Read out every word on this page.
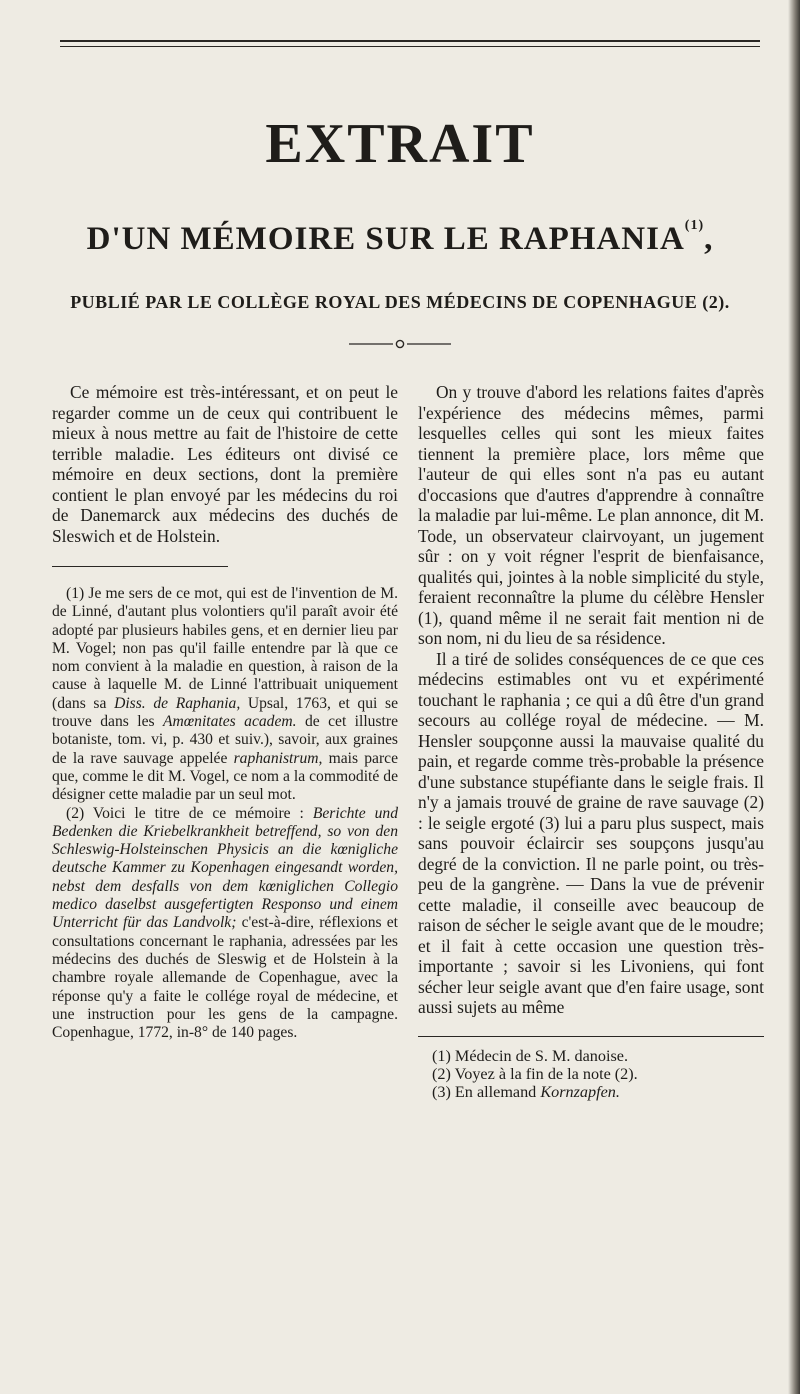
EXTRAIT
D'UN MÉMOIRE SUR LE RAPHANIA$^{(1)}$,
PUBLIÉ PAR LE COLLÈGE ROYAL DES MÉDECINS DE COPENHAGUE (2).

Ce mémoire est très-intéressant, et on peut le regarder comme un de ceux qui contribuent le mieux à nous mettre au fait de l'histoire de cette terrible maladie. Les éditeurs ont divisé ce mémoire en deux sections, dont la première contient le plan envoyé par les médecins du roi de Danemarck aux médecins des duchés de Sleswich et de Holstein.

(1) Je me sers de ce mot, qui est de l'invention de M. de Linné, d'autant plus volontiers qu'il paraît avoir été adopté par plusieurs habiles gens, et en dernier lieu par M. Vogel; non pas qu'il faille entendre par là que ce nom convient à la maladie en question, à raison de la cause à laquelle M. de Linné l'attribuait uniquement (dans sa Diss. de Raphania, Upsal, 1763, et qui se trouve dans les Amœnitates academ. de cet illustre botaniste, tom. vi, p. 430 et suiv.), savoir, aux graines de la rave sauvage appelée raphanistrum, mais parce que, comme le dit M. Vogel, ce nom a la commodité de désigner cette maladie par un seul mot.

(2) Voici le titre de ce mémoire : Berichte und Bedenken die Kriebelkrankheit betreffend, so von den Schleswig-Holsteinschen Physicis an die kœnigliche deutsche Kammer zu Kopenhagen eingesandt worden, nebst dem desfalls von dem kœniglichen Collegio medico daselbst ausgefertigten Responso und einem Unterricht für das Landvolk; c'est-à-dire, réflexions et consultations concernant le raphania, adressées par les médecins des duchés de Sleswig et de Holstein à la chambre royale allemande de Copenhague, avec la réponse qu'y a faite le collége royal de médecine, et une instruction pour les gens de la campagne. Copenhague, 1772, in-8° de 140 pages.

On y trouve d'abord les relations faites d'après l'expérience des médecins mêmes, parmi lesquelles celles qui sont les mieux faites tiennent la première place, lors même que l'auteur de qui elles sont n'a pas eu autant d'occasions que d'autres d'apprendre à connaître la maladie par lui-même. Le plan annonce, dit M. Tode, un observateur clairvoyant, un jugement sûr : on y voit régner l'esprit de bienfaisance, qualités qui, jointes à la noble simplicité du style, feraient reconnaître la plume du célèbre Hensler (1), quand même il ne serait fait mention ni de son nom, ni du lieu de sa résidence.

Il a tiré de solides conséquences de ce que ces médecins estimables ont vu et expérimenté touchant le raphania ; ce qui a dû être d'un grand secours au collége royal de médecine. — M. Hensler soupçonne aussi la mauvaise qualité du pain, et regarde comme très-probable la présence d'une substance stupéfiante dans le seigle frais. Il n'y a jamais trouvé de graine de rave sauvage (2) : le seigle ergoté (3) lui a paru plus suspect, mais sans pouvoir éclaircir ses soupçons jusqu'au degré de la conviction. Il ne parle point, ou très-peu de la gangrène. — Dans la vue de prévenir cette maladie, il conseille avec beaucoup de raison de sécher le seigle avant que de le moudre; et il fait à cette occasion une question très-importante ; savoir si les Livoniens, qui font sécher leur seigle avant que d'en faire usage, sont aussi sujets au même

(1) Médecin de S. M. danoise.

(2) Voyez à la fin de la note (2).

(3) En allemand Kornzapfen.
